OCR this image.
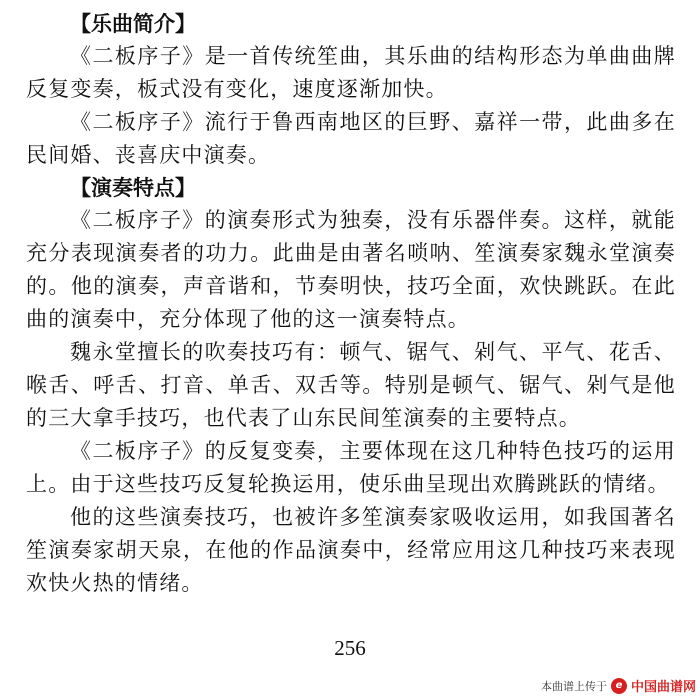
【乐曲简介】

《二板序子》是一首传统笙曲，其乐曲的结构形态为单曲曲牌反复变奏，板式没有变化，速度逐渐加快。

《二板序子》流行于鲁西南地区的巨野、嘉祥一带，此曲多在民间婚、丧喜庆中演奏。

【演奏特点】

《二板序子》的演奏形式为独奏，没有乐器伴奏。这样，就能充分表现演奏者的功力。此曲是由著名唢呐、笙演奏家魏永堂演奏的。他的演奏，声音谐和，节奏明快，技巧全面，欢快跳跃。在此曲的演奏中，充分体现了他的这一演奏特点。

魏永堂擅长的吹奏技巧有：顿气、锯气、剁气、平气、花舌、喉舌、呼舌、打音、单舌、双舌等。特别是顿气、锯气、剁气是他的三大拿手技巧，也代表了山东民间笙演奏的主要特点。

《二板序子》的反复变奏，主要体现在这几种特色技巧的运用上。由于这些技巧反复轮换运用，使乐曲呈现出欢腾跳跃的情绪。

他的这些演奏技巧，也被许多笙演奏家吸收运用，如我国著名笙演奏家胡天泉，在他的作品演奏中，经常应用这几种技巧来表现欢快火热的情绪。

256
本曲谱上传于 e 中国曲谱网
